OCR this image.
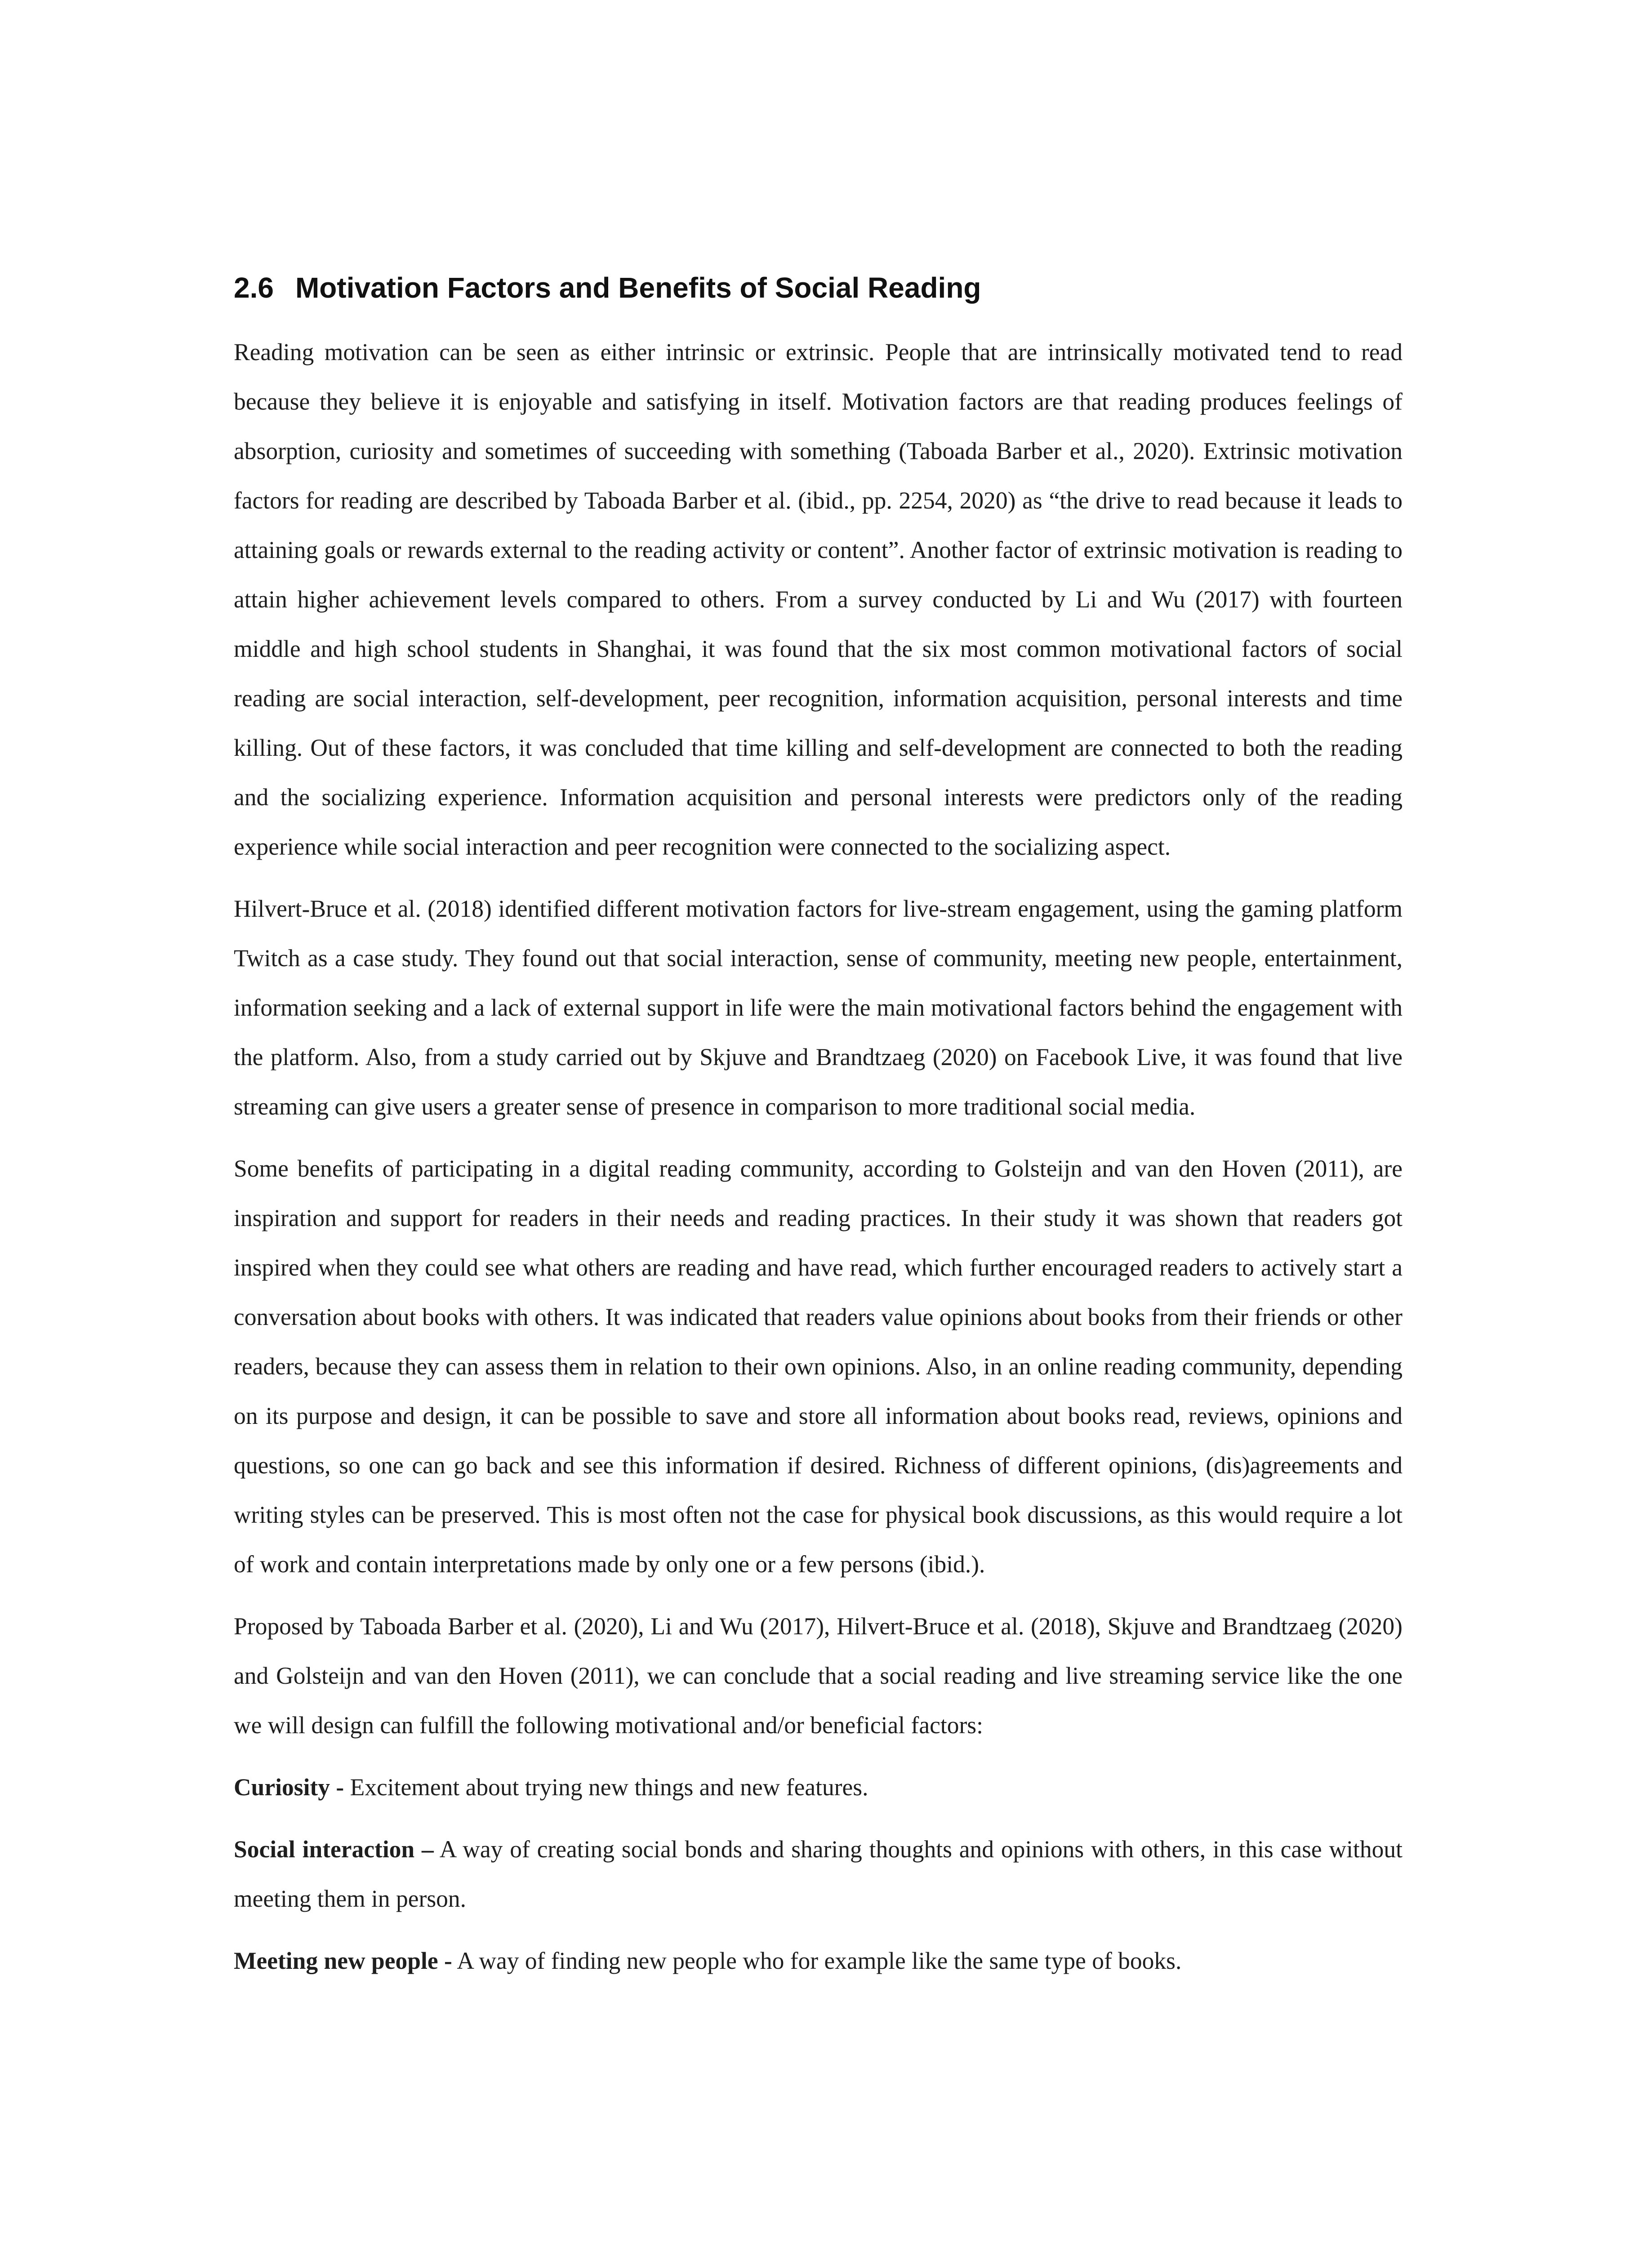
2.6 Motivation Factors and Benefits of Social Reading

Reading motivation can be seen as either intrinsic or extrinsic. People that are intrinsically motivated tend to read because they believe it is enjoyable and satisfying in itself. Motivation factors are that reading produces feelings of absorption, curiosity and sometimes of succeeding with something (Taboada Barber et al., 2020). Extrinsic motivation factors for reading are described by Taboada Barber et al. (ibid., pp. 2254, 2020) as “the drive to read because it leads to attaining goals or rewards external to the reading activity or content”. Another factor of extrinsic motivation is reading to attain higher achievement levels compared to others. From a survey conducted by Li and Wu (2017) with fourteen middle and high school students in Shanghai, it was found that the six most common motivational factors of social reading are social interaction, self-development, peer recognition, information acquisition, personal interests and time killing. Out of these factors, it was concluded that time killing and self-development are connected to both the reading and the socializing experience. Information acquisition and personal interests were predictors only of the reading experience while social interaction and peer recognition were connected to the socializing aspect.

Hilvert-Bruce et al. (2018) identified different motivation factors for live-stream engagement, using the gaming platform Twitch as a case study. They found out that social interaction, sense of community, meeting new people, entertainment, information seeking and a lack of external support in life were the main motivational factors behind the engagement with the platform. Also, from a study carried out by Skjuve and Brandtzaeg (2020) on Facebook Live, it was found that live streaming can give users a greater sense of presence in comparison to more traditional social media.

Some benefits of participating in a digital reading community, according to Golsteijn and van den Hoven (2011), are inspiration and support for readers in their needs and reading practices. In their study it was shown that readers got inspired when they could see what others are reading and have read, which further encouraged readers to actively start a conversation about books with others. It was indicated that readers value opinions about books from their friends or other readers, because they can assess them in relation to their own opinions. Also, in an online reading community, depending on its purpose and design, it can be possible to save and store all information about books read, reviews, opinions and questions, so one can go back and see this information if desired. Richness of different opinions, (dis)agreements and writing styles can be preserved. This is most often not the case for physical book discussions, as this would require a lot of work and contain interpretations made by only one or a few persons (ibid.).

Proposed by Taboada Barber et al. (2020), Li and Wu (2017), Hilvert-Bruce et al. (2018), Skjuve and Brandtzaeg (2020) and Golsteijn and van den Hoven (2011), we can conclude that a social reading and live streaming service like the one we will design can fulfill the following motivational and/or beneficial factors:

Curiosity - Excitement about trying new things and new features.

Social interaction – A way of creating social bonds and sharing thoughts and opinions with others, in this case without meeting them in person.

Meeting new people - A way of finding new people who for example like the same type of books.
